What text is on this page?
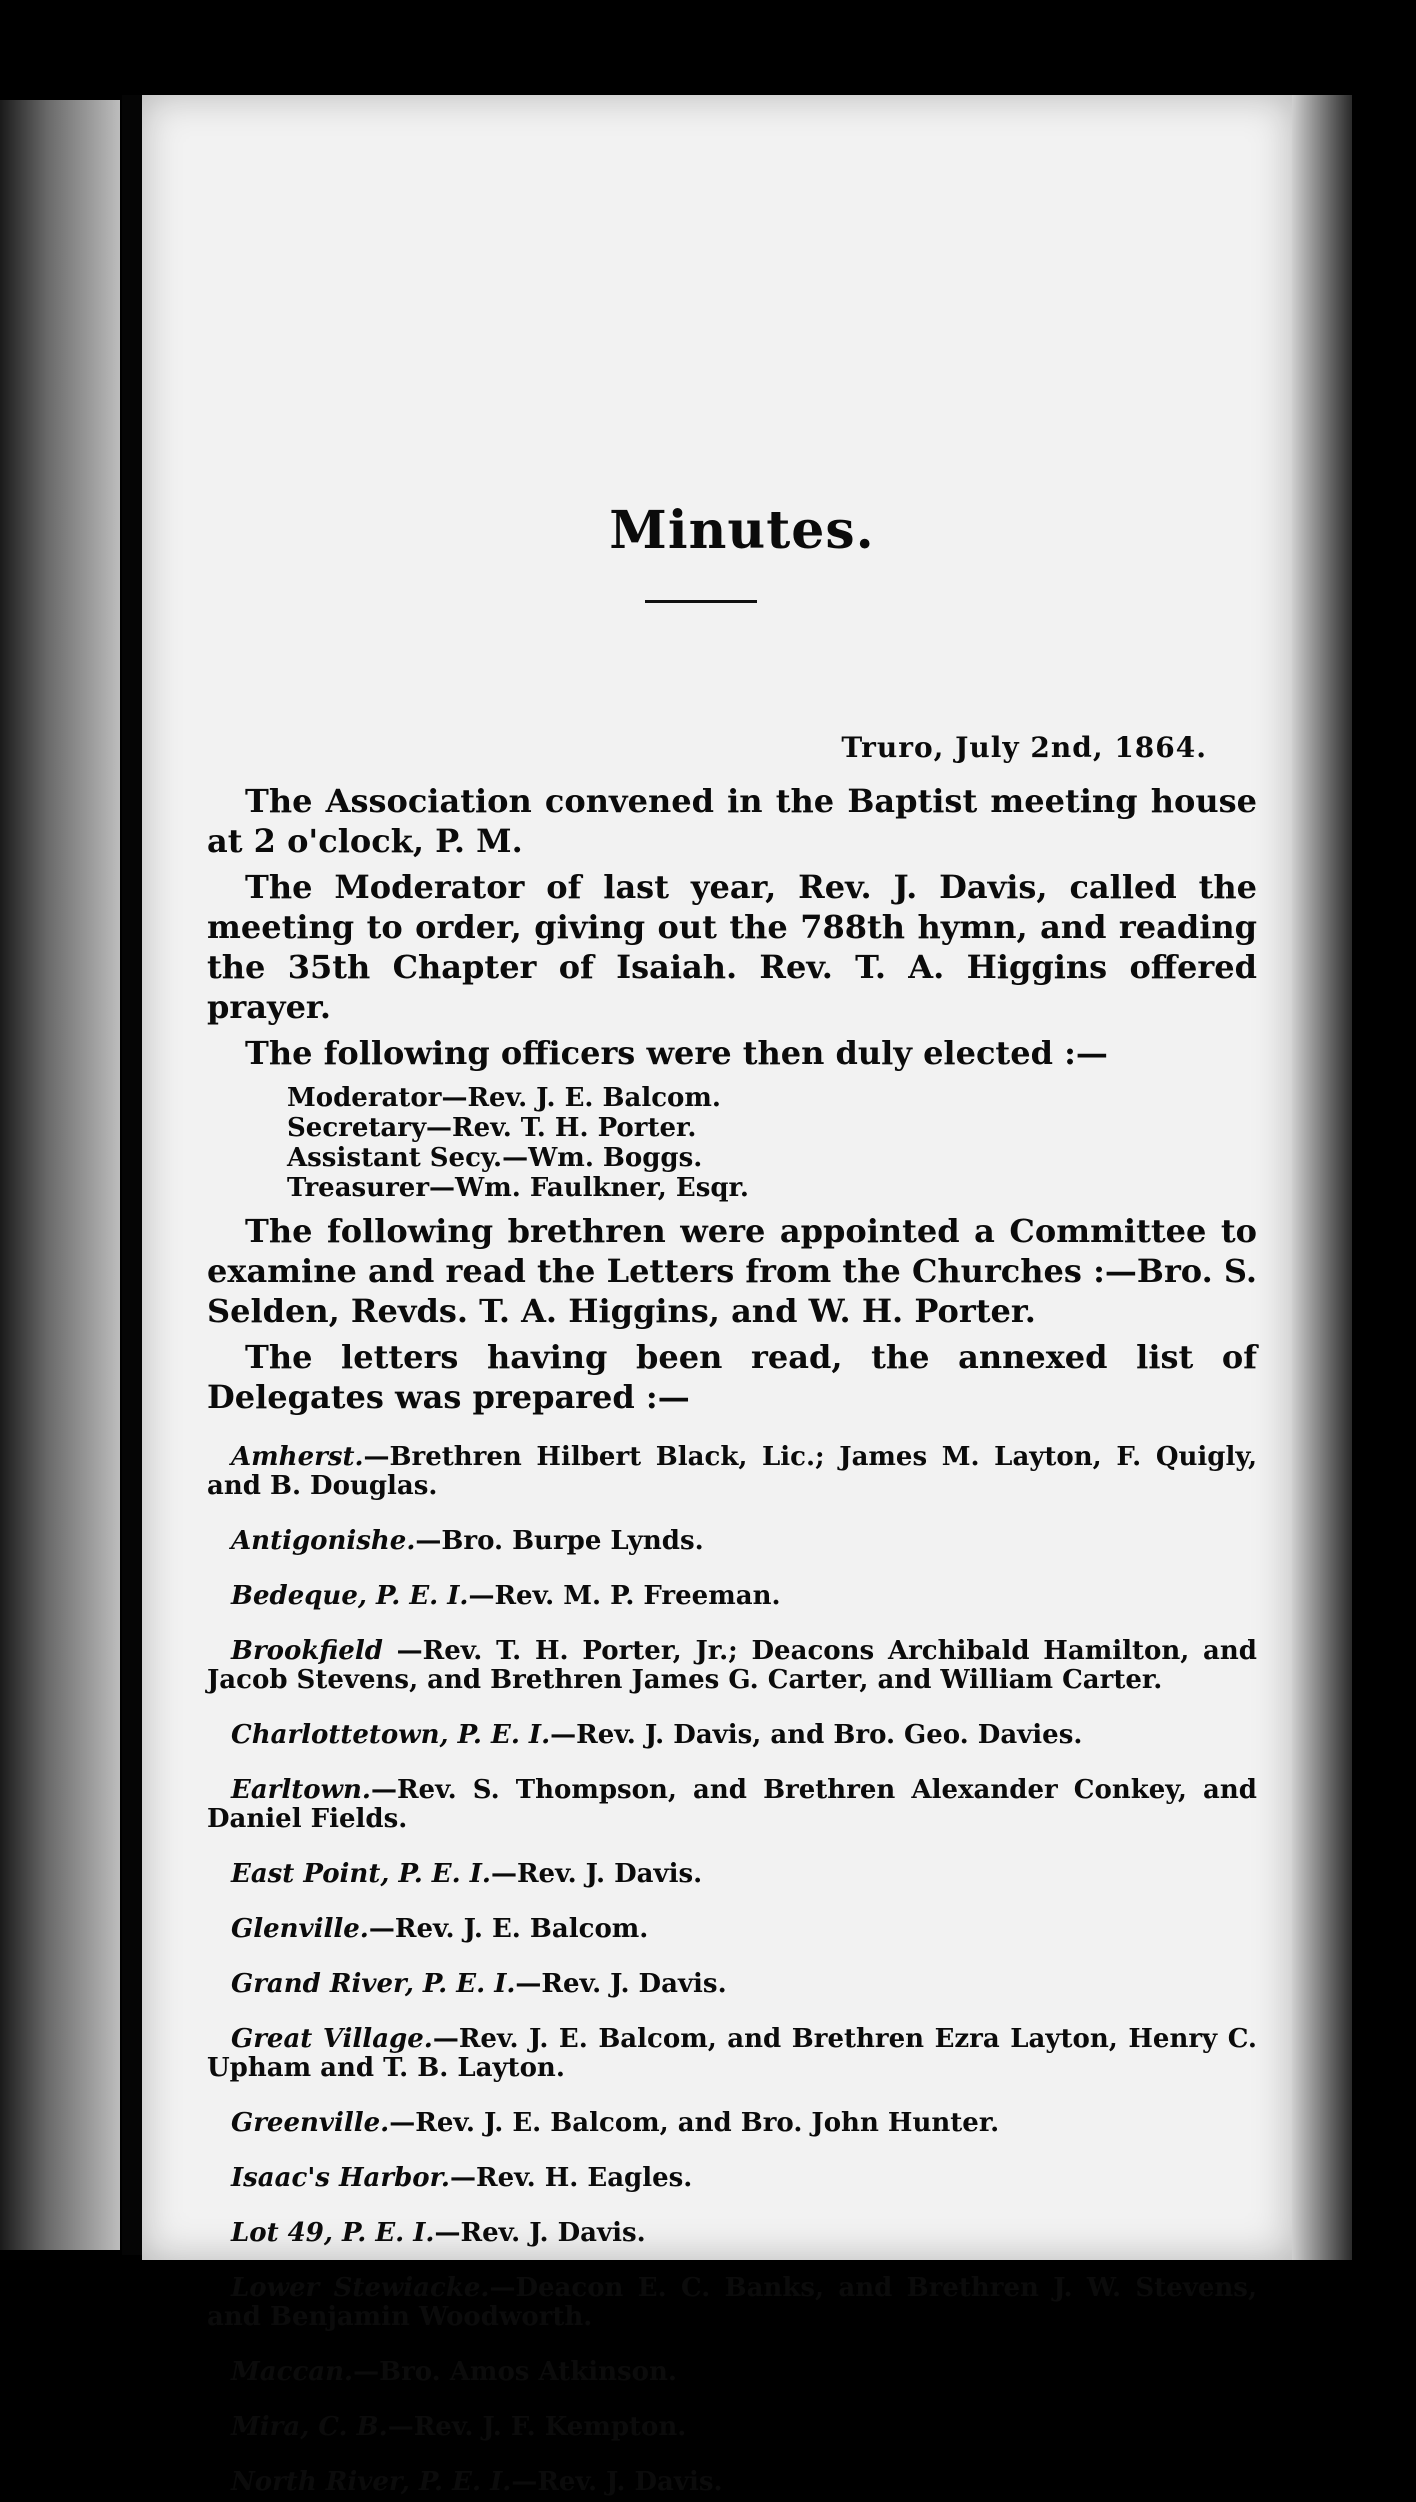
Minutes.
Truro, July 2nd, 1864.

The Association convened in the Baptist meeting house at 2 o'clock, P. M.

The Moderator of last year, Rev. J. Davis, called the meeting to order, giving out the 788th hymn, and reading the 35th Chapter of Isaiah. Rev. T. A. Higgins offered prayer.

The following officers were then duly elected :—

Moderator—Rev. J. E. Balcom.
Secretary—Rev. T. H. Porter.
Assistant Secy.—Wm. Boggs.
Treasurer—Wm. Faulkner, Esqr.

The following brethren were appointed a Committee to examine and read the Letters from the Churches :—Bro. S. Selden, Revds. T. A. Higgins, and W. H. Porter.

The letters having been read, the annexed list of Delegates was prepared :—

Amherst.—Brethren Hilbert Black, Lic.; James M. Layton, F. Quigly, and B. Douglas.

Antigonishe.—Bro. Burpe Lynds.

Bedeque, P. E. I.—Rev. M. P. Freeman.

Brookfield —Rev. T. H. Porter, Jr.; Deacons Archibald Hamilton, and Jacob Stevens, and Brethren James G. Carter, and William Carter.

Charlottetown, P. E. I.—Rev. J. Davis, and Bro. Geo. Davies.

Earltown.—Rev. S. Thompson, and Brethren Alexander Conkey, and Daniel Fields.

East Point, P. E. I.—Rev. J. Davis.

Glenville.—Rev. J. E. Balcom.

Grand River, P. E. I.—Rev. J. Davis.

Great Village.—Rev. J. E. Balcom, and Brethren Ezra Layton, Henry C. Upham and T. B. Layton.

Greenville.—Rev. J. E. Balcom, and Bro. John Hunter.

Isaac's Harbor.—Rev. H. Eagles.

Lot 49, P. E. I.—Rev. J. Davis.

Lower Stewiacke.—Deacon E. C. Banks, and Brethren J. W. Stevens, and Benjamin Woodworth.

Maccan.—Bro. Amos Atkinson.

Mira, C. B.—Rev. J. F. Kempton.

North River, P. E. I.—Rev. J. Davis.
